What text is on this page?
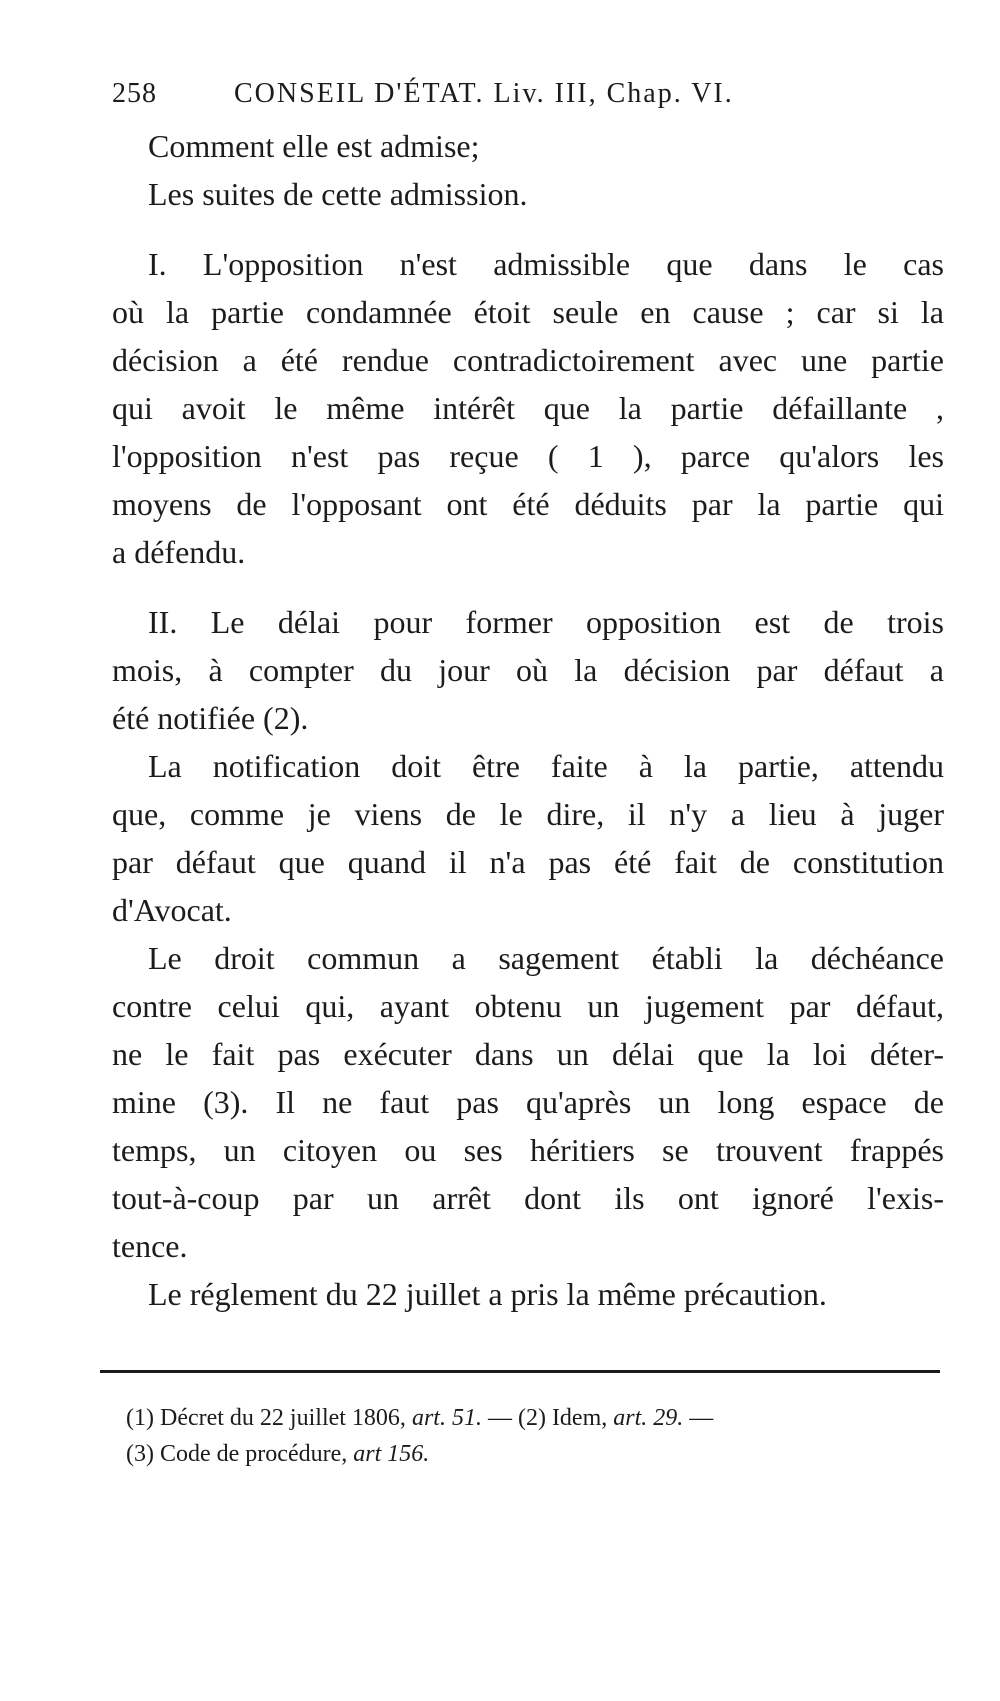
258	CONSEIL D'ÉTAT. Liv. III, Chap. VI.
Comment elle est admise;
Les suites de cette admission.
I. L'opposition n'est admissible que dans le cas
où la partie condamnée étoit seule en cause ; car si la
décision a été rendue contradictoirement avec une partie
qui avoit le même intérêt que la partie défaillante ,
l'opposition n'est pas reçue ( 1 ), parce qu'alors les
moyens de l'opposant ont été déduits par la partie qui
a défendu.
II. Le délai pour former opposition est de trois
mois, à compter du jour où la décision par défaut a
été notifiée (2).
La notification doit être faite à la partie, attendu
que, comme je viens de le dire, il n'y a lieu à juger
par défaut que quand il n'a pas été fait de constitution
d'Avocat.
Le droit commun a sagement établi la déchéance
contre celui qui, ayant obtenu un jugement par défaut,
ne le fait pas exécuter dans un délai que la loi déter-
mine (3). Il ne faut pas qu'après un long espace de
temps, un citoyen ou ses héritiers se trouvent frappés
tout-à-coup par un arrêt dont ils ont ignoré l'exis-
tence.
Le réglement du 22 juillet a pris la même précaution.
(1) Décret du 22 juillet 1806, art. 51. — (2) Idem, art. 29. —
(3) Code de procédure, art 156.
